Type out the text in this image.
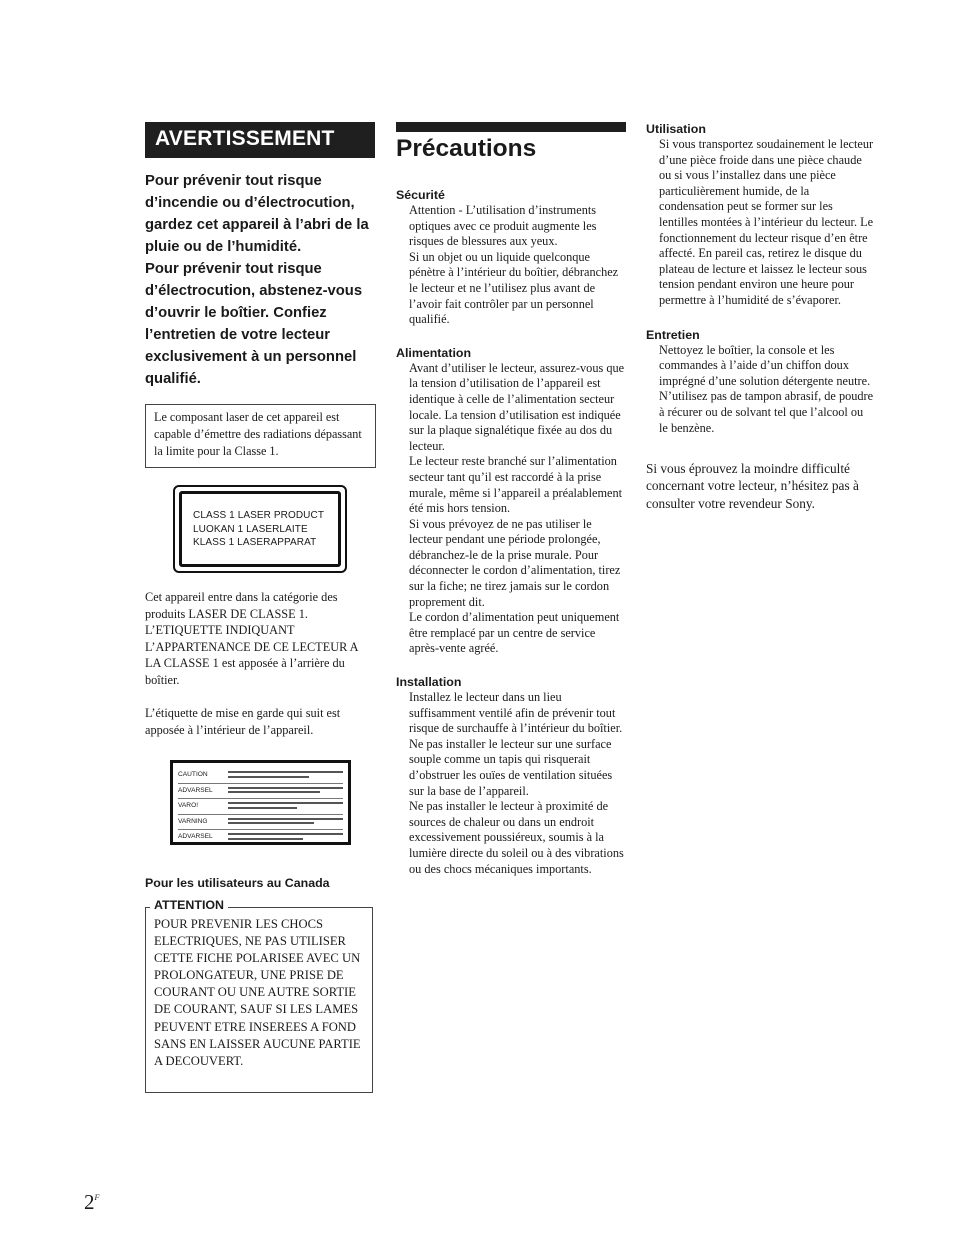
AVERTISSEMENT

Pour prévenir tout risque d’incendie ou d’électrocution, gardez cet appareil à l’abri de la pluie ou de l’humidité.

Pour prévenir tout risque d’électrocution, abstenez-vous d’ouvrir le boîtier. Confiez l’entretien de votre lecteur exclusivement à un personnel qualifié.

Le composant laser de cet appareil est capable d’émettre des radiations dépassant la limite pour la Classe 1.
CLASS 1 LASER PRODUCT
LUOKAN 1 LASERLAITE
KLASS 1 LASERAPPARAT
Cet appareil entre dans la catégorie des produits LASER DE CLASSE 1. L’ETIQUETTE INDIQUANT L’APPARTENANCE DE CE LECTEUR A LA CLASSE 1 est apposée à l’arrière du boîtier.
L’étiquette de mise en garde qui suit est apposée à l’intérieur de l’appareil.
CAUTION
ADVARSEL
VARO!
VARNING
ADVARSEL
Pour les utilisateurs au Canada
ATTENTION
POUR PREVENIR LES CHOCS ELECTRIQUES, NE PAS UTILISER CETTE FICHE POLARISEE AVEC UN PROLONGATEUR, UNE PRISE DE COURANT OU UNE AUTRE SORTIE DE COURANT, SAUF SI LES LAMES PEUVENT ETRE INSEREES A FOND SANS EN LAISSER AUCUNE PARTIE A DECOUVERT.
Précautions
Sécurité

Attention - L’utilisation d’instruments optiques avec ce produit augmente les risques de blessures aux yeux.

Si un objet ou un liquide quelconque pénètre à l’intérieur du boîtier, débranchez le lecteur et ne l’utilisez plus avant de l’avoir fait contrôler par un personnel qualifié.

Alimentation

Avant d’utiliser le lecteur, assurez-vous que la tension d’utilisation de l’appareil est identique à celle de l’alimentation secteur locale. La tension d’utilisation est indiquée sur la plaque signalétique fixée au dos du lecteur.

Le lecteur reste branché sur l’alimentation secteur tant qu’il est raccordé à la prise murale, même si l’appareil a préalablement été mis hors tension.

Si vous prévoyez de ne pas utiliser le lecteur pendant une période prolongée, débranchez-le de la prise murale. Pour déconnecter le cordon d’alimentation, tirez sur la fiche; ne tirez jamais sur le cordon proprement dit.

Le cordon d’alimentation peut uniquement être remplacé par un centre de service après-vente agréé.

Installation

Installez le lecteur dans un lieu suffisamment ventilé afin de prévenir tout risque de surchauffe à l’intérieur du boîtier.

Ne pas installer le lecteur sur une surface souple comme un tapis qui risquerait d’obstruer les ouïes de ventilation situées sur la base de l’appareil.

Ne pas installer le lecteur à proximité de sources de chaleur ou dans un endroit excessivement poussiéreux, soumis à la lumière directe du soleil ou à des vibrations ou des chocs mécaniques importants.

Utilisation

Si vous transportez soudainement le lecteur d’une pièce froide dans une pièce chaude ou si vous l’installez dans une pièce particulièrement humide, de la condensation peut se former sur les lentilles montées à l’intérieur du lecteur. Le fonctionnement du lecteur risque d’en être affecté. En pareil cas, retirez le disque du plateau de lecture et laissez le lecteur sous tension pendant environ une heure pour permettre à l’humidité de s’évaporer.

Entretien

Nettoyez le boîtier, la console et les commandes à l’aide d’un chiffon doux imprégné d’une solution détergente neutre. N’utilisez pas de tampon abrasif, de poudre à récurer ou de solvant tel que l’alcool ou le benzène.

Si vous éprouvez la moindre difficulté concernant votre lecteur, n’hésitez pas à consulter votre revendeur Sony.

$2^F$
